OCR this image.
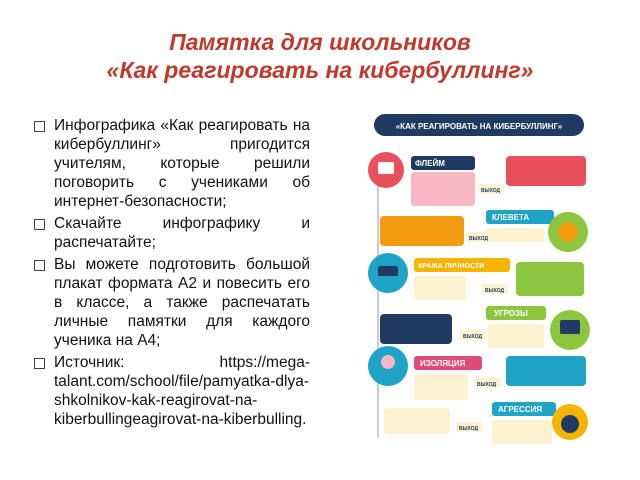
Памятка для школьников
«Как реагировать на кибербуллинг»
Инфографика «Как реагировать на кибербуллинг» пригодится учителям, которые решили поговорить с учениками об интернет-безопасности;
Скачайте инфографику и распечатайте;
Вы можете подготовить большой плакат формата А2 и повесить его в классе, а также распечатать личные памятки для каждого ученика на А4;
Источник: https://mega-talant.com/school/file/pamyatka-dlya-shkolnikov-kak-reagirovat-na-kiberbullingeagirovat-na-kiberbulling.
«КАК РЕАГИРОВАТЬ НА КИБЕРБУЛЛИНГ»
ФЛЕЙМ
ВЫХОД
КЛЕВЕТА
ВЫХОД
КРАЖА ЛИЧНОСТИ
ВЫХОД
УГРОЗЫ
ВЫХОД
ИЗОЛЯЦИЯ
ВЫХОД
АГРЕССИЯ
ВЫХОД
